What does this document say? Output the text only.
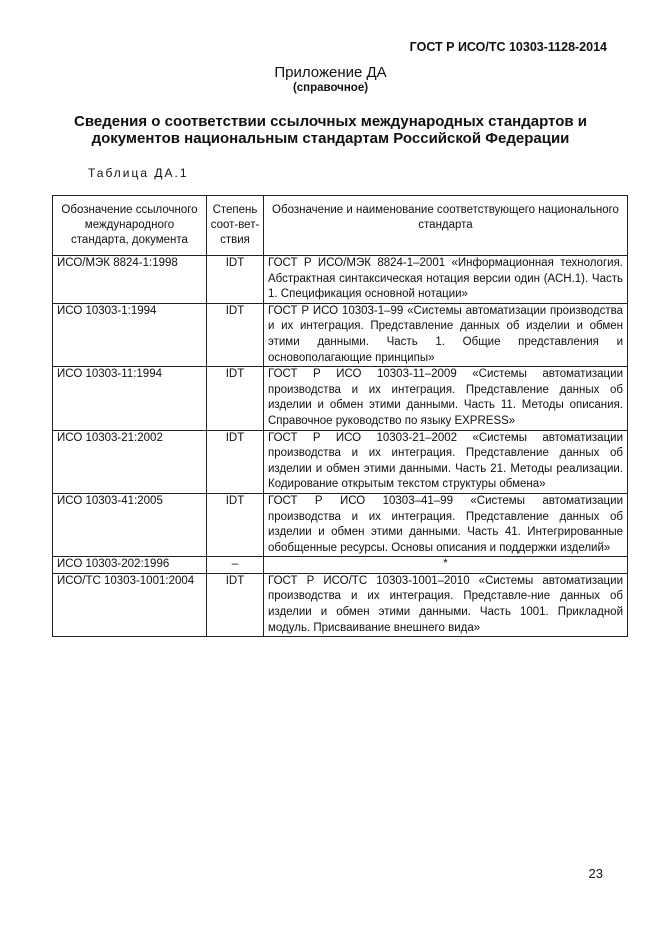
ГОСТ Р ИСО/ТС 10303-1128-2014
Приложение ДА
(справочное)
Сведения о соответствии ссылочных международных стандартов и
документов национальным стандартам Российской Федерации
Таблица ДА.1
Обозначение ссылочного международного стандарта, документа	Степень соот-вет-ствия	Обозначение и наименование соответствующего национального стандарта
ИСО/МЭК 8824-1:1998	IDT	ГОСТ Р ИСО/МЭК 8824-1–2001 «Информационная технология. Абстрактная синтаксическая нотация версии один (АСН.1). Часть 1. Спецификация основной нотации»
ИСО 10303-1:1994	IDT	ГОСТ Р ИСО 10303-1–99 «Системы автоматизации производства и их интеграция. Представление данных об изделии и обмен этими данными. Часть 1. Общие представления и основополагающие принципы»
ИСО 10303-11:1994	IDT	ГОСТ Р ИСО 10303-11–2009 «Системы автоматизации производства и их интеграция. Представление данных об изделии и обмен этими данными. Часть 11. Методы описания. Справочное руководство по языку EXPRESS»
ИСО 10303-21:2002	IDT	ГОСТ Р ИСО 10303-21–2002 «Системы автоматизации производства и их интеграция. Представление данных об изделии и обмен этими данными. Часть 21. Методы реализации. Кодирование открытым текстом структуры обмена»
ИСО 10303-41:2005	IDT	ГОСТ Р ИСО 10303–41–99 «Системы автоматизации производства и их интеграция. Представление данных об изделии и обмен этими данными. Часть 41. Интегрированные обобщенные ресурсы. Основы описания и поддержки изделий»
ИСО 10303-202:1996	–	*
ИСО/ТС 10303-1001:2004	IDT	ГОСТ Р ИСО/ТС 10303-1001–2010 «Системы автоматизации производства и их интеграция. Представле-ние данных об изделии и обмен этими данными. Часть 1001. Прикладной модуль. Присваивание внешнего вида»
23
